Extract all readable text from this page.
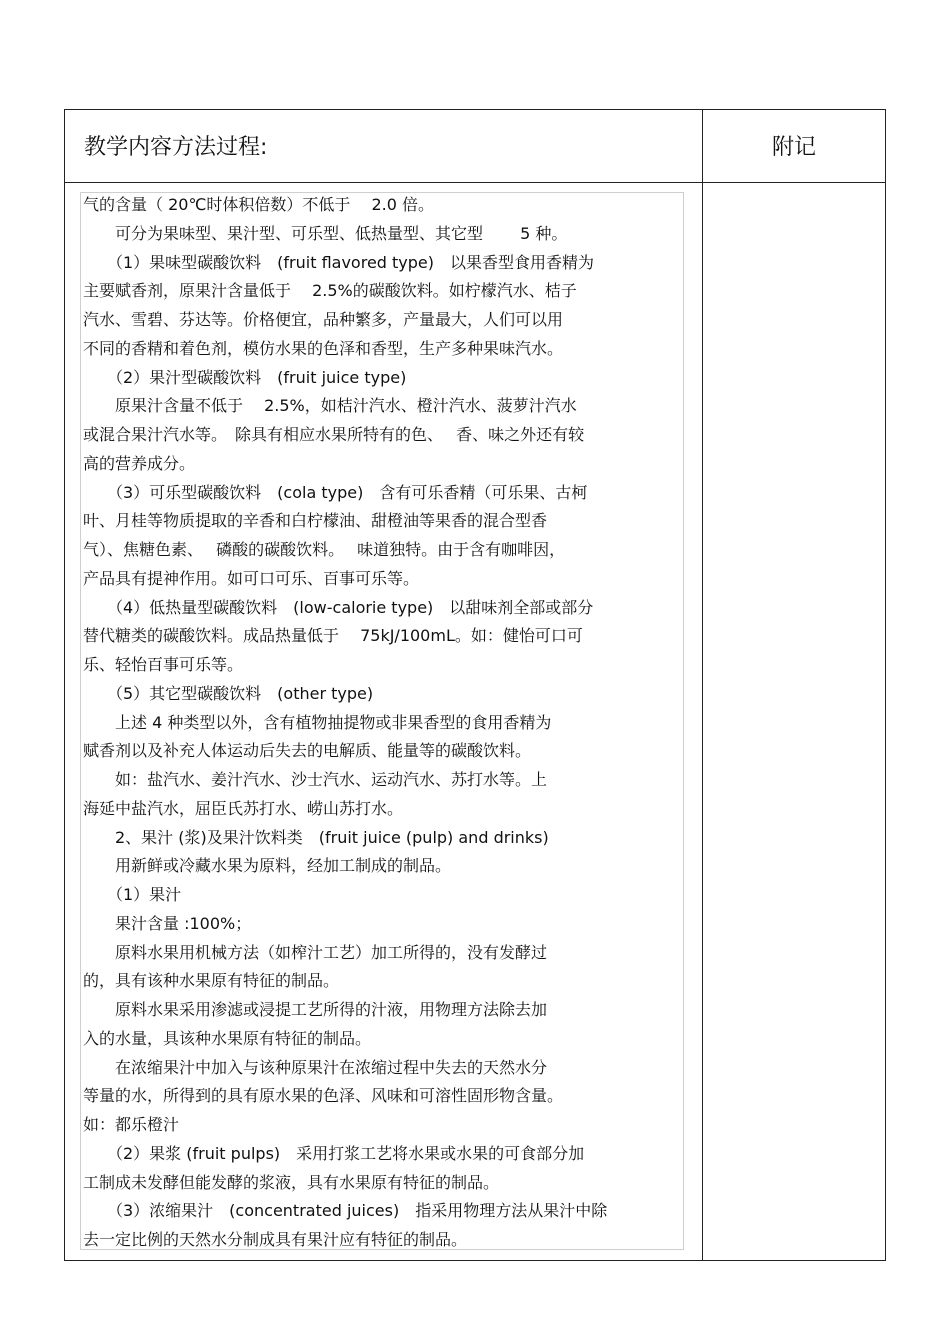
教学内容方法过程:	附记
气的含量（ 20℃时体积倍数）不低于　 2.0 倍。
　　可分为果味型、果汁型、可乐型、低热量型、其它型　　 5 种。
　　（1）果味型碳酸饮料　(fruit flavored type)　以果香型食用香精为
主要赋香剂，原果汁含量低于　 2.5%的碳酸饮料。如柠檬汽水、桔子
汽水、雪碧、芬达等。价格便宜，品种繁多，产量最大，人们可以用
不同的香精和着色剂，模仿水果的色泽和香型，生产多种果味汽水。
　　（2）果汁型碳酸饮料　(fruit juice type)
　　原果汁含量不低于　 2.5%，如桔汁汽水、橙汁汽水、菠萝汁汽水
或混合果汁汽水等。　除具有相应水果所特有的色、　 香、味之外还有较
高的营养成分。
　　（3）可乐型碳酸饮料　(cola type)　含有可乐香精（可乐果、古柯
叶、月桂等物质提取的辛香和白柠檬油、甜橙油等果香的混合型香
气）、焦糖色素、　 磷酸的碳酸饮料。　 味道独特。由于含有咖啡因，
产品具有提神作用。如可口可乐、百事可乐等。
　　（4）低热量型碳酸饮料　(low-calorie type)　以甜味剂全部或部分
替代糖类的碳酸饮料。成品热量低于　 75kJ/100mL。如：健怡可口可
乐、轻怡百事可乐等。
　　（5）其它型碳酸饮料　(other type)
　　上述 4 种类型以外，含有植物抽提物或非果香型的食用香精为
赋香剂以及补充人体运动后失去的电解质、能量等的碳酸饮料。
　　如：盐汽水、姜汁汽水、沙士汽水、运动汽水、苏打水等。上
海延中盐汽水，屈臣氏苏打水、崂山苏打水。
　　2、果汁 (浆)及果汁饮料类　(fruit juice (pulp) and drinks)
　　用新鲜或冷藏水果为原料，经加工制成的制品。
　　（1）果汁
　　果汁含量 :100%；
　　原料水果用机械方法（如榨汁工艺）加工所得的，没有发酵过
的，具有该种水果原有特征的制品。
　　原料水果采用渗滤或浸提工艺所得的汁液，用物理方法除去加
入的水量，具该种水果原有特征的制品。
　　在浓缩果汁中加入与该种原果汁在浓缩过程中失去的天然水分
等量的水，所得到的具有原水果的色泽、风味和可溶性固形物含量。
如：都乐橙汁
　　（2）果浆 (fruit pulps)　采用打浆工艺将水果或水果的可食部分加
工制成未发酵但能发酵的浆液，具有水果原有特征的制品。
　　（3）浓缩果汁　(concentrated juices)　指采用物理方法从果汁中除
去一定比例的天然水分制成具有果汁应有特征的制品。
